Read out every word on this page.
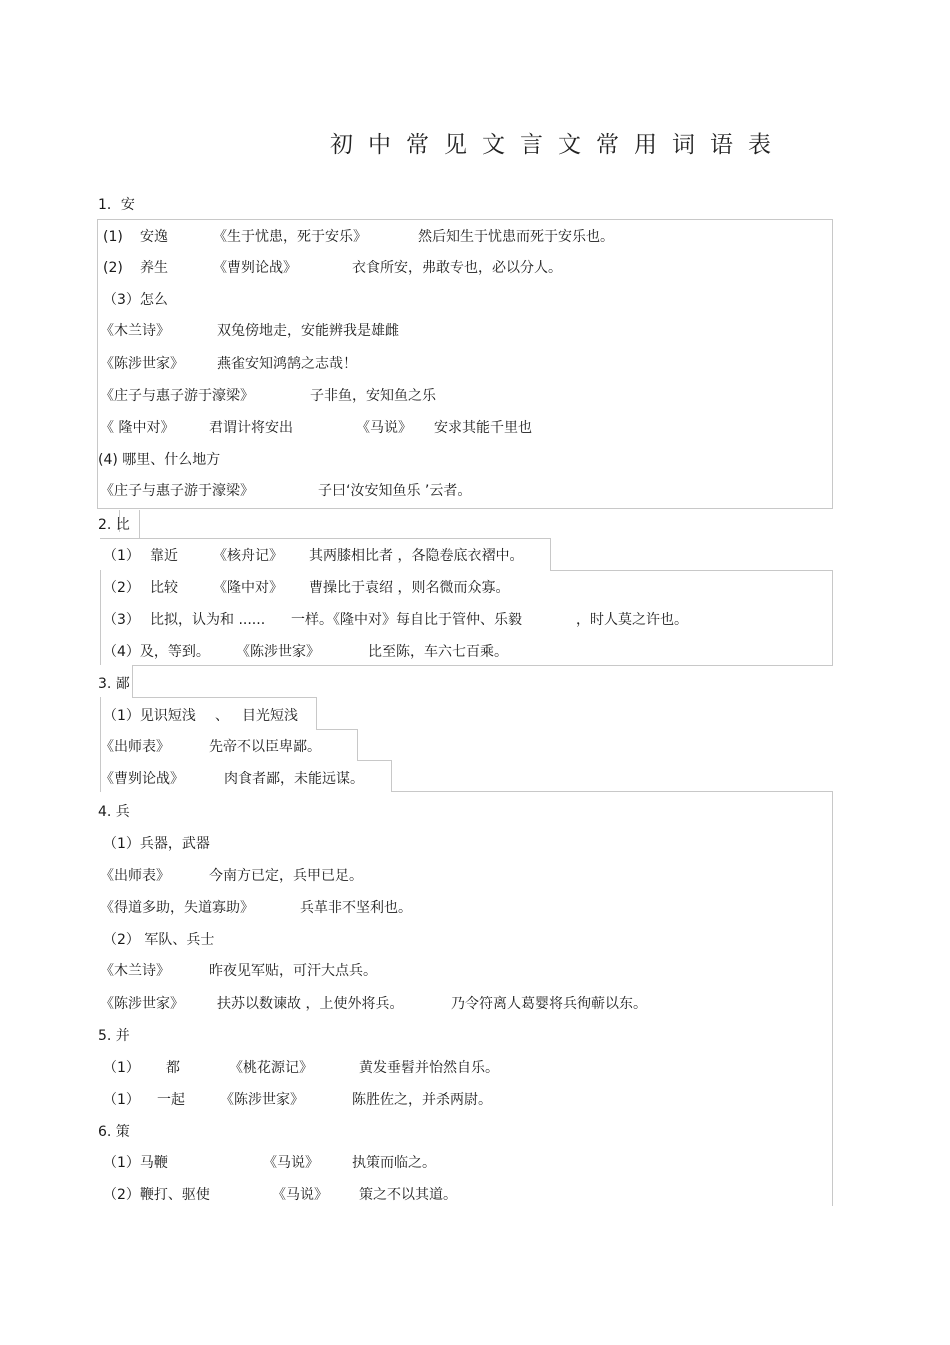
初中常见文言文常用词语表
1．安
(1) 安逸	《生于忧患，死于安乐》	然后知生于忧患而死于安乐也。
(2) 养生	《曹刿论战》	衣食所安，弗敢专也，必以分人。
（3）怎么
《木兰诗》	双兔傍地走，安能辨我是雄雌
《陈涉世家》 燕雀安知鸿鹄之志哉！
《庄子与惠子游于濠梁》	子非鱼，安知鱼之乐
《 隆中对》 君谓计将安出	《马说》 安求其能千里也
(4) 哪里、什么地方
《庄子与惠子游于濠梁》	子曰‘汝安知鱼乐 ’云者。
2. 比
（1） 靠近	《核舟记》 其两膝相比者 ，各隐卷底衣褶中。
（2） 比较	《隆中对》 曹操比于袁绍 ，则名微而众寡。
（3） 比拟，认为和 ...... 一样。《隆中对》每自比于管仲、乐毅	，时人莫之许也。
（4）及，等到。 《陈涉世家》	比至陈，车六七百乘。
3. 鄙
（1）见识短浅 、 目光短浅
《出师表》	先帝不以臣卑鄙。
《曹刿论战》	肉食者鄙，未能远谋。
4. 兵
（1）兵器，武器
《出师表》	今南方已定，兵甲已足。
《得道多助，失道寡助》	兵革非不坚利也。
（2） 军队、兵士
《木兰诗》	昨夜见军贴，可汗大点兵。
《陈涉世家》 扶苏以数谏故 ，上使外将兵。	乃令符离人葛婴将兵徇蕲以东。
5. 并
（1） 都	《桃花源记》	黄发垂髫并怡然自乐。
（1） 一起	《陈涉世家》	陈胜佐之，并杀两尉。
6. 策
（1）马鞭	《马说》 执策而临之。
（2）鞭打、驱使	《马说》 策之不以其道。
